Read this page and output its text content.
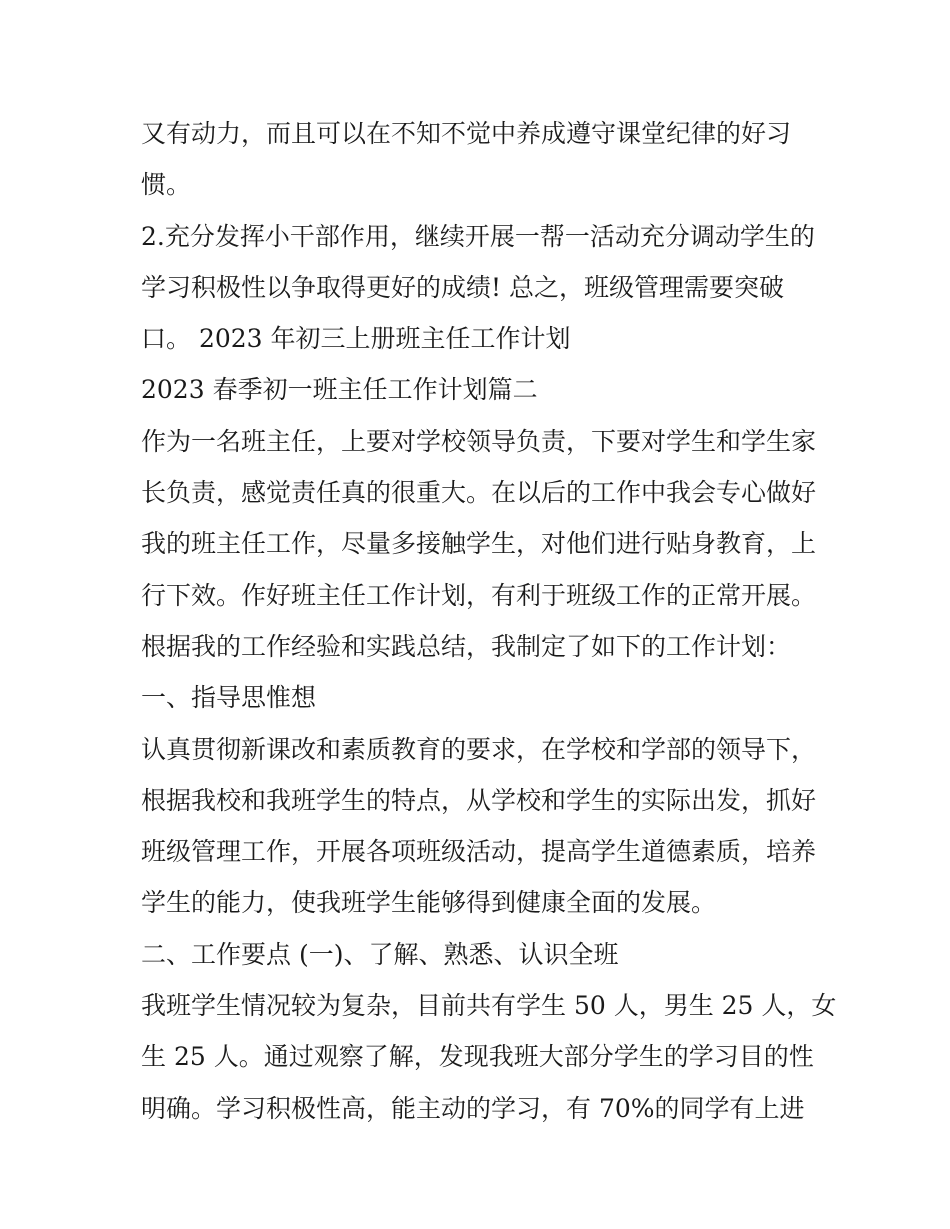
又有动力，而且可以在不知不觉中养成遵守课堂纪律的好习
惯。
2.充分发挥小干部作用，继续开展一帮一活动充分调动学生的
学习积极性以争取得更好的成绩! 总之，班级管理需要突破
口。 2023 年初三上册班主任工作计划
2023 春季初一班主任工作计划篇二
作为一名班主任，上要对学校领导负责，下要对学生和学生家
长负责，感觉责任真的很重大。在以后的工作中我会专心做好
我的班主任工作，尽量多接触学生，对他们进行贴身教育，上
行下效。作好班主任工作计划，有利于班级工作的正常开展。
根据我的工作经验和实践总结，我制定了如下的工作计划：
一、指导思惟想
认真贯彻新课改和素质教育的要求，在学校和学部的领导下，
根据我校和我班学生的特点，从学校和学生的实际出发，抓好
班级管理工作，开展各项班级活动，提高学生道德素质，培养
学生的能力，使我班学生能够得到健康全面的发展。
二、工作要点 (一)、了解、熟悉、认识全班
我班学生情况较为复杂，目前共有学生 50 人，男生 25 人，女
生 25 人。通过观察了解，发现我班大部分学生的学习目的性
明确。学习积极性高，能主动的学习，有 70%的同学有上进
